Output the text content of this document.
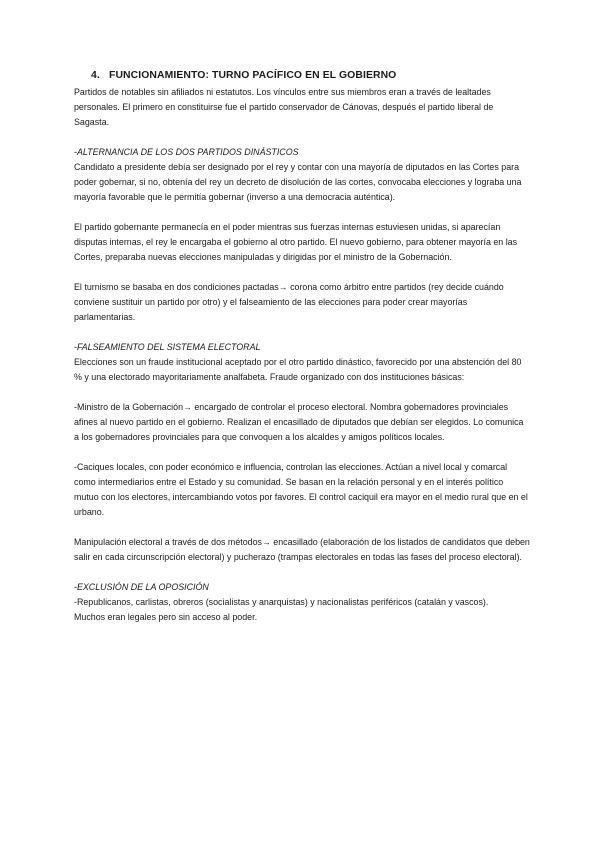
4. FUNCIONAMIENTO: TURNO PACÍFICO EN EL GOBIERNO

Partidos de notables sin afiliados ni estatutos. Los vínculos entre sus miembros eran a través de lealtades personales. El primero en constituirse fue el partido conservador de Cánovas, después el partido liberal de Sagasta.

-ALTERNANCIA DE LOS DOS PARTIDOS DINÁSTICOS

Candidato a presidente debía ser designado por el rey y contar con una mayoría de diputados en las Cortes para poder gobernar, si no, obtenía del rey un decreto de disolución de las cortes, convocaba elecciones y lograba una mayoría favorable que le permitía gobernar (inverso a una democracia auténtica).

El partido gobernante permanecía en el poder mientras sus fuerzas internas estuviesen unidas, si aparecían disputas internas, el rey le encargaba el gobierno al otro partido. El nuevo gobierno, para obtener mayoría en las Cortes, preparaba nuevas elecciones manipuladas y dirigidas por el ministro de la Gobernación.

El turnismo se basaba en dos condiciones pactadas→ corona como árbitro entre partidos (rey decide cuándo conviene sustituir un partido por otro) y el falseamiento de las elecciones para poder crear mayorías parlamentarias.

-FALSEAMIENTO DEL SISTEMA ELECTORAL

Elecciones son un fraude institucional aceptado por el otro partido dinástico, favorecido por una abstención del 80 % y una electorado mayoritariamente analfabeta. Fraude organizado con dos instituciones básicas:

-Ministro de la Gobernación→ encargado de controlar el proceso electoral. Nombra gobernadores provinciales afines al nuevo partido en el gobierno. Realizan el encasillado de diputados que debían ser elegidos. Lo comunica a los gobernadores provinciales para que convoquen a los alcaldes y amigos políticos locales.

-Caciques locales, con poder económico e influencia, controlan las elecciones. Actúan a nivel local y comarcal como intermediarios entre el Estado y su comunidad. Se basan en la relación personal y en el interés político mutuo con los electores, intercambiando votos por favores. El control caciquil era mayor en el medio rural que en el urbano.

Manipulación electoral a través de dos métodos→ encasillado (elaboración de los listados de candidatos que deben salir en cada circunscripción electoral) y pucherazo (trampas electorales en todas las fases del proceso electoral).

-EXCLUSIÓN DE LA OPOSICIÓN

-Republicanos, carlistas, obreros (socialistas y anarquistas) y nacionalistas periféricos (catalán y vascos).

Muchos eran legales pero sin acceso al poder.
